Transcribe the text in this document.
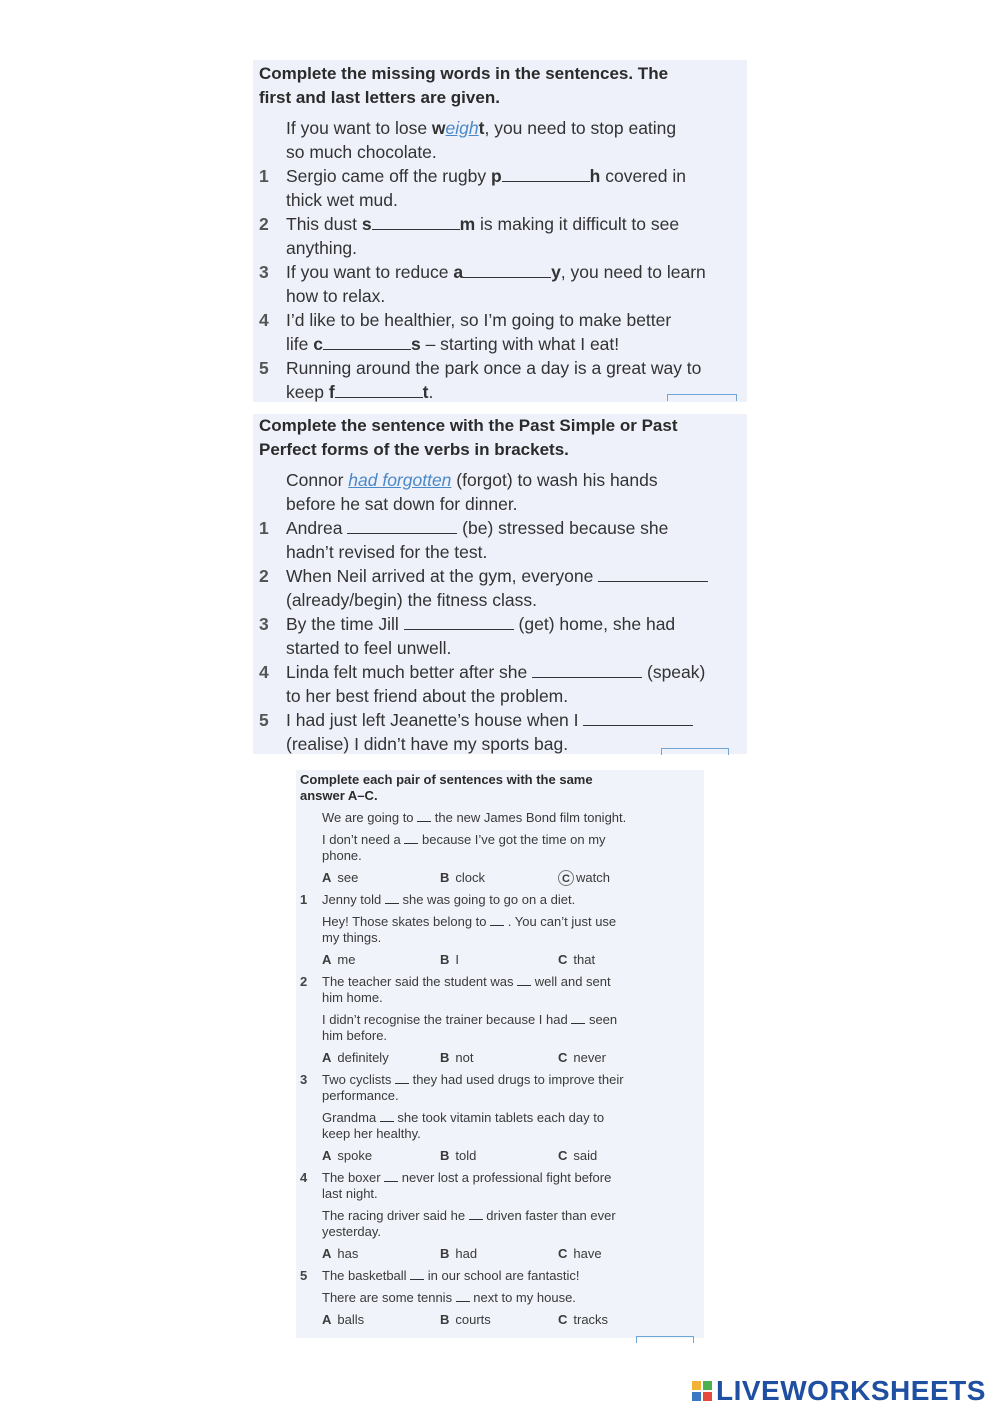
Complete the missing words in the sentences. The
first and last letters are given.
If you want to lose weight, you need to stop eating
so much chocolate.
1 Sergio came off the rugby p	h covered in
thick wet mud.
2 This dust s	m is making it difficult to see
anything.
3 If you want to reduce a	y, you need to learn
how to relax.
4 I’d like to be healthier, so I’m going to make better
life c	s – starting with what I eat!
5 Running around the park once a day is a great way to
keep f	t.
Complete the sentence with the Past Simple or Past
Perfect forms of the verbs in brackets.
Connor had forgotten (forgot) to wash his hands
before he sat down for dinner.
1 Andrea	(be) stressed because she
hadn’t revised for the test.
2 When Neil arrived at the gym, everyone
(already/begin) the fitness class.
3 By the time Jill	(get) home, she had
started to feel unwell.
4 Linda felt much better after she	(speak)
to her best friend about the problem.
5 I had just left Jeanette’s house when I
(realise) I didn’t have my sports bag.
Complete each pair of sentences with the same
answer A–C.
We are going to  the new James Bond film tonight.
I don’t need a  because I’ve got the time on my
phone.
A see	B clock	C watch
1 Jenny told  she was going to go on a diet.
Hey! Those skates belong to  . You can’t just use
my things.
A me	B I	C that
2 The teacher said the student was  well and sent
him home.
I didn’t recognise the trainer because I had  seen
him before.
A definitely	B not	C never
3 Two cyclists  they had used drugs to improve their
performance.
Grandma  she took vitamin tablets each day to
keep her healthy.
A spoke	B told	C said
4 The boxer  never lost a professional fight before
last night.
The racing driver said he  driven faster than ever
yesterday.
A has	B had	C have
5 The basketball  in our school are fantastic!
There are some tennis  next to my house.
A balls	B courts	C tracks
LIVEWORKSHEETS
